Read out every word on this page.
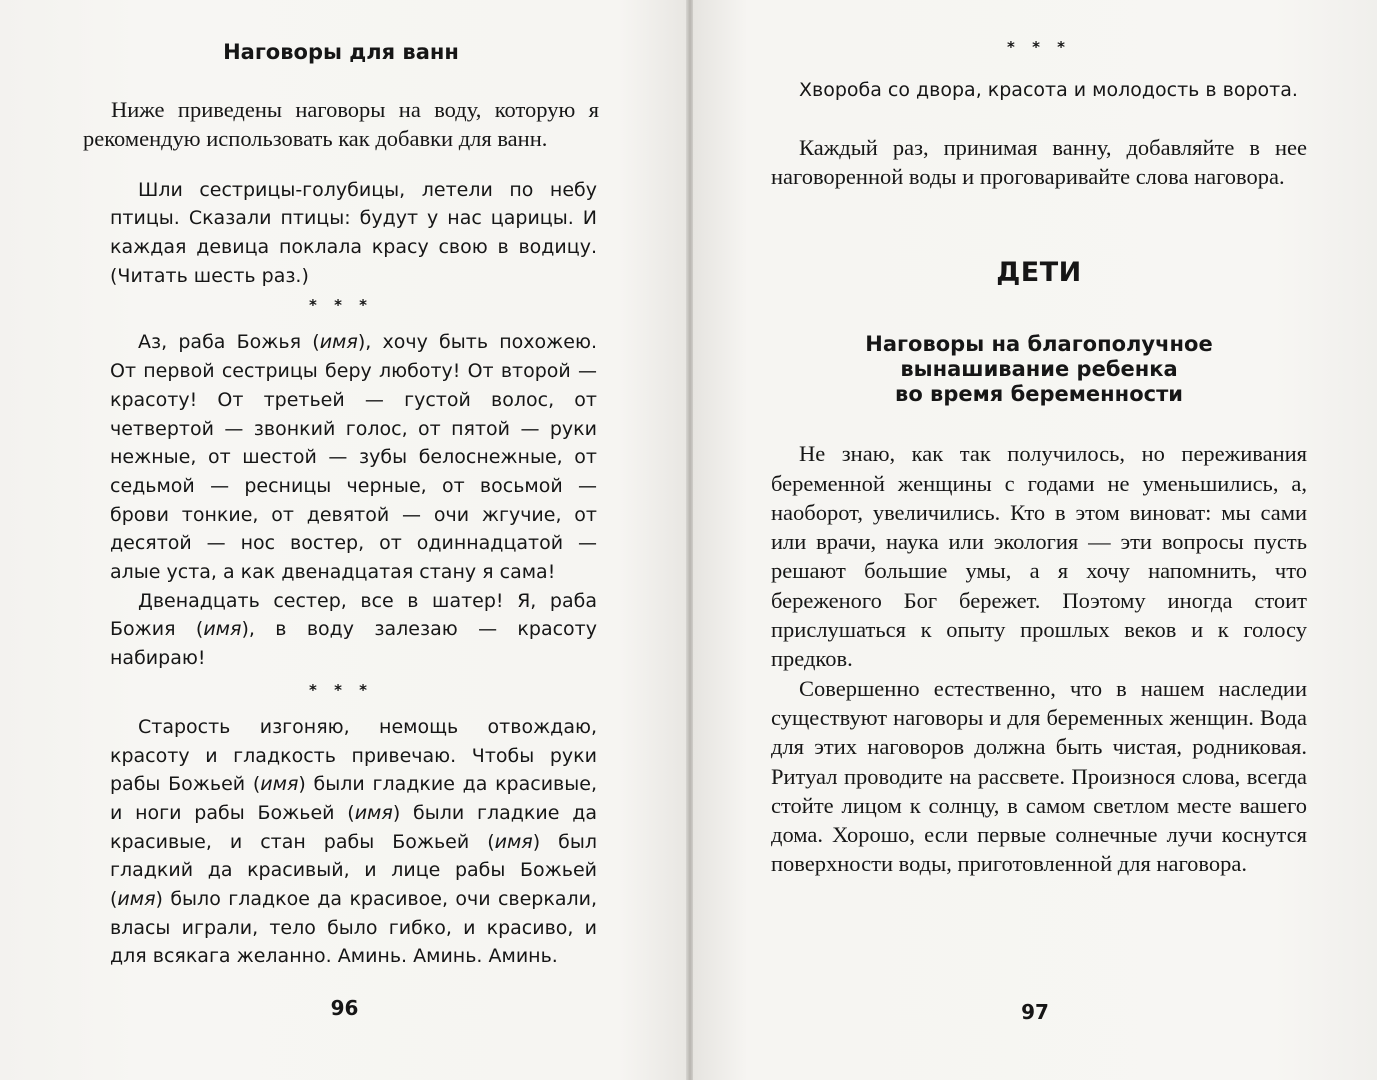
Наговоры для ванн

Ниже приведены наговоры на воду, которую я рекомендую использовать как добавки для ванн.

Шли сестрицы-голубицы, летели по небу птицы. Сказали птицы: будут у нас царицы. И каждая девица поклала красу свою в водицу. (Читать шесть раз.)

* * *

Аз, раба Божья (имя), хочу быть похожею. От первой сестрицы беру люботу! От второй — красоту! От третьей — густой волос, от четвертой — звонкий голос, от пятой — руки нежные, от шестой — зубы белоснежные, от седьмой — ресницы черные, от восьмой — брови тонкие, от девятой — очи жгучие, от десятой — нос востер, от одиннадцатой — алые уста, а как двенадцатая стану я сама!

Двенадцать сестер, все в шатер! Я, раба Божия (имя), в воду залезаю — красоту набираю!

* * *

Старость изгоняю, немощь отвождаю, красоту и гладкость привечаю. Чтобы руки рабы Божьей (имя) были гладкие да красивые, и ноги рабы Божьей (имя) были гладкие да красивые, и стан рабы Божьей (имя) был гладкий да красивый, и лице рабы Божьей (имя) было гладкое да красивое, очи сверкали, власы играли, тело было гибко, и красиво, и для всякага желанно. Аминь. Аминь. Аминь.

96
* * *

Хвороба со двора, красота и молодость в ворота.

Каждый раз, принимая ванну, добавляйте в нее наговоренной воды и проговаривайте слова наговора.

ДЕТИ
Наговоры на благополучное
вынашивание ребенка
во время беременности

Не знаю, как так получилось, но переживания беременной женщины с годами не уменьшились, а, наоборот, увеличились. Кто в этом виноват: мы сами или врачи, наука или экология — эти вопросы пусть решают большие умы, а я хочу напомнить, что береженого Бог бережет. Поэтому иногда стоит прислушаться к опыту прошлых веков и к голосу предков.

Совершенно естественно, что в нашем наследии существуют наговоры и для беременных женщин. Вода для этих наговоров должна быть чистая, родниковая. Ритуал проводите на рассвете. Произнося слова, всегда стойте лицом к солнцу, в самом светлом месте вашего дома. Хорошо, если первые солнечные лучи коснутся поверхности воды, приготовленной для наговора.

97
